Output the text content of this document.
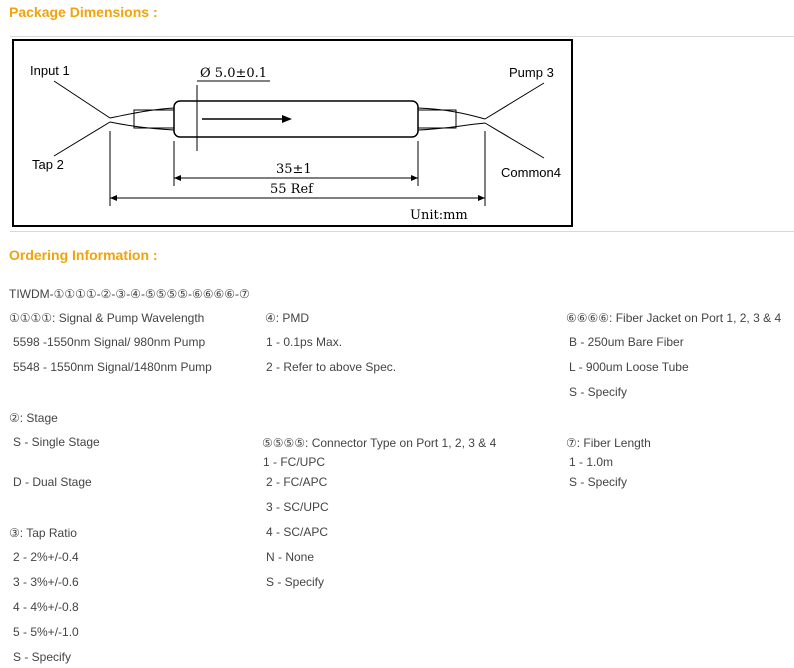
Package Dimensions :
Input 1
Tap 2
Pump 3
Common4
Ø 5.0±0.1
35±1
55 Ref
Unit:mm
Ordering Information :
TIWDM-①①①①-②-③-④-⑤⑤⑤⑤-⑥⑥⑥⑥-⑦
①①①①: Signal & Pump Wavelength
5598 -1550nm Signal/ 980nm Pump
5548 - 1550nm Signal/1480nm Pump
②: Stage
S - Single Stage
D - Dual Stage
③: Tap Ratio
2 - 2%+/-0.4
3 - 3%+/-0.6
4 - 4%+/-0.8
5 - 5%+/-1.0
S - Specify
④: PMD
1 - 0.1ps Max.
2 - Refer to above Spec.
⑤⑤⑤⑤: Connector Type on Port 1, 2, 3 & 4
1 - FC/UPC
2 - FC/APC
3 - SC/UPC
4 - SC/APC
N - None
S - Specify
⑥⑥⑥⑥: Fiber Jacket on Port 1, 2, 3 & 4
B - 250um Bare Fiber
L - 900um Loose Tube
S - Specify
⑦: Fiber Length
1 - 1.0m
S - Specify
